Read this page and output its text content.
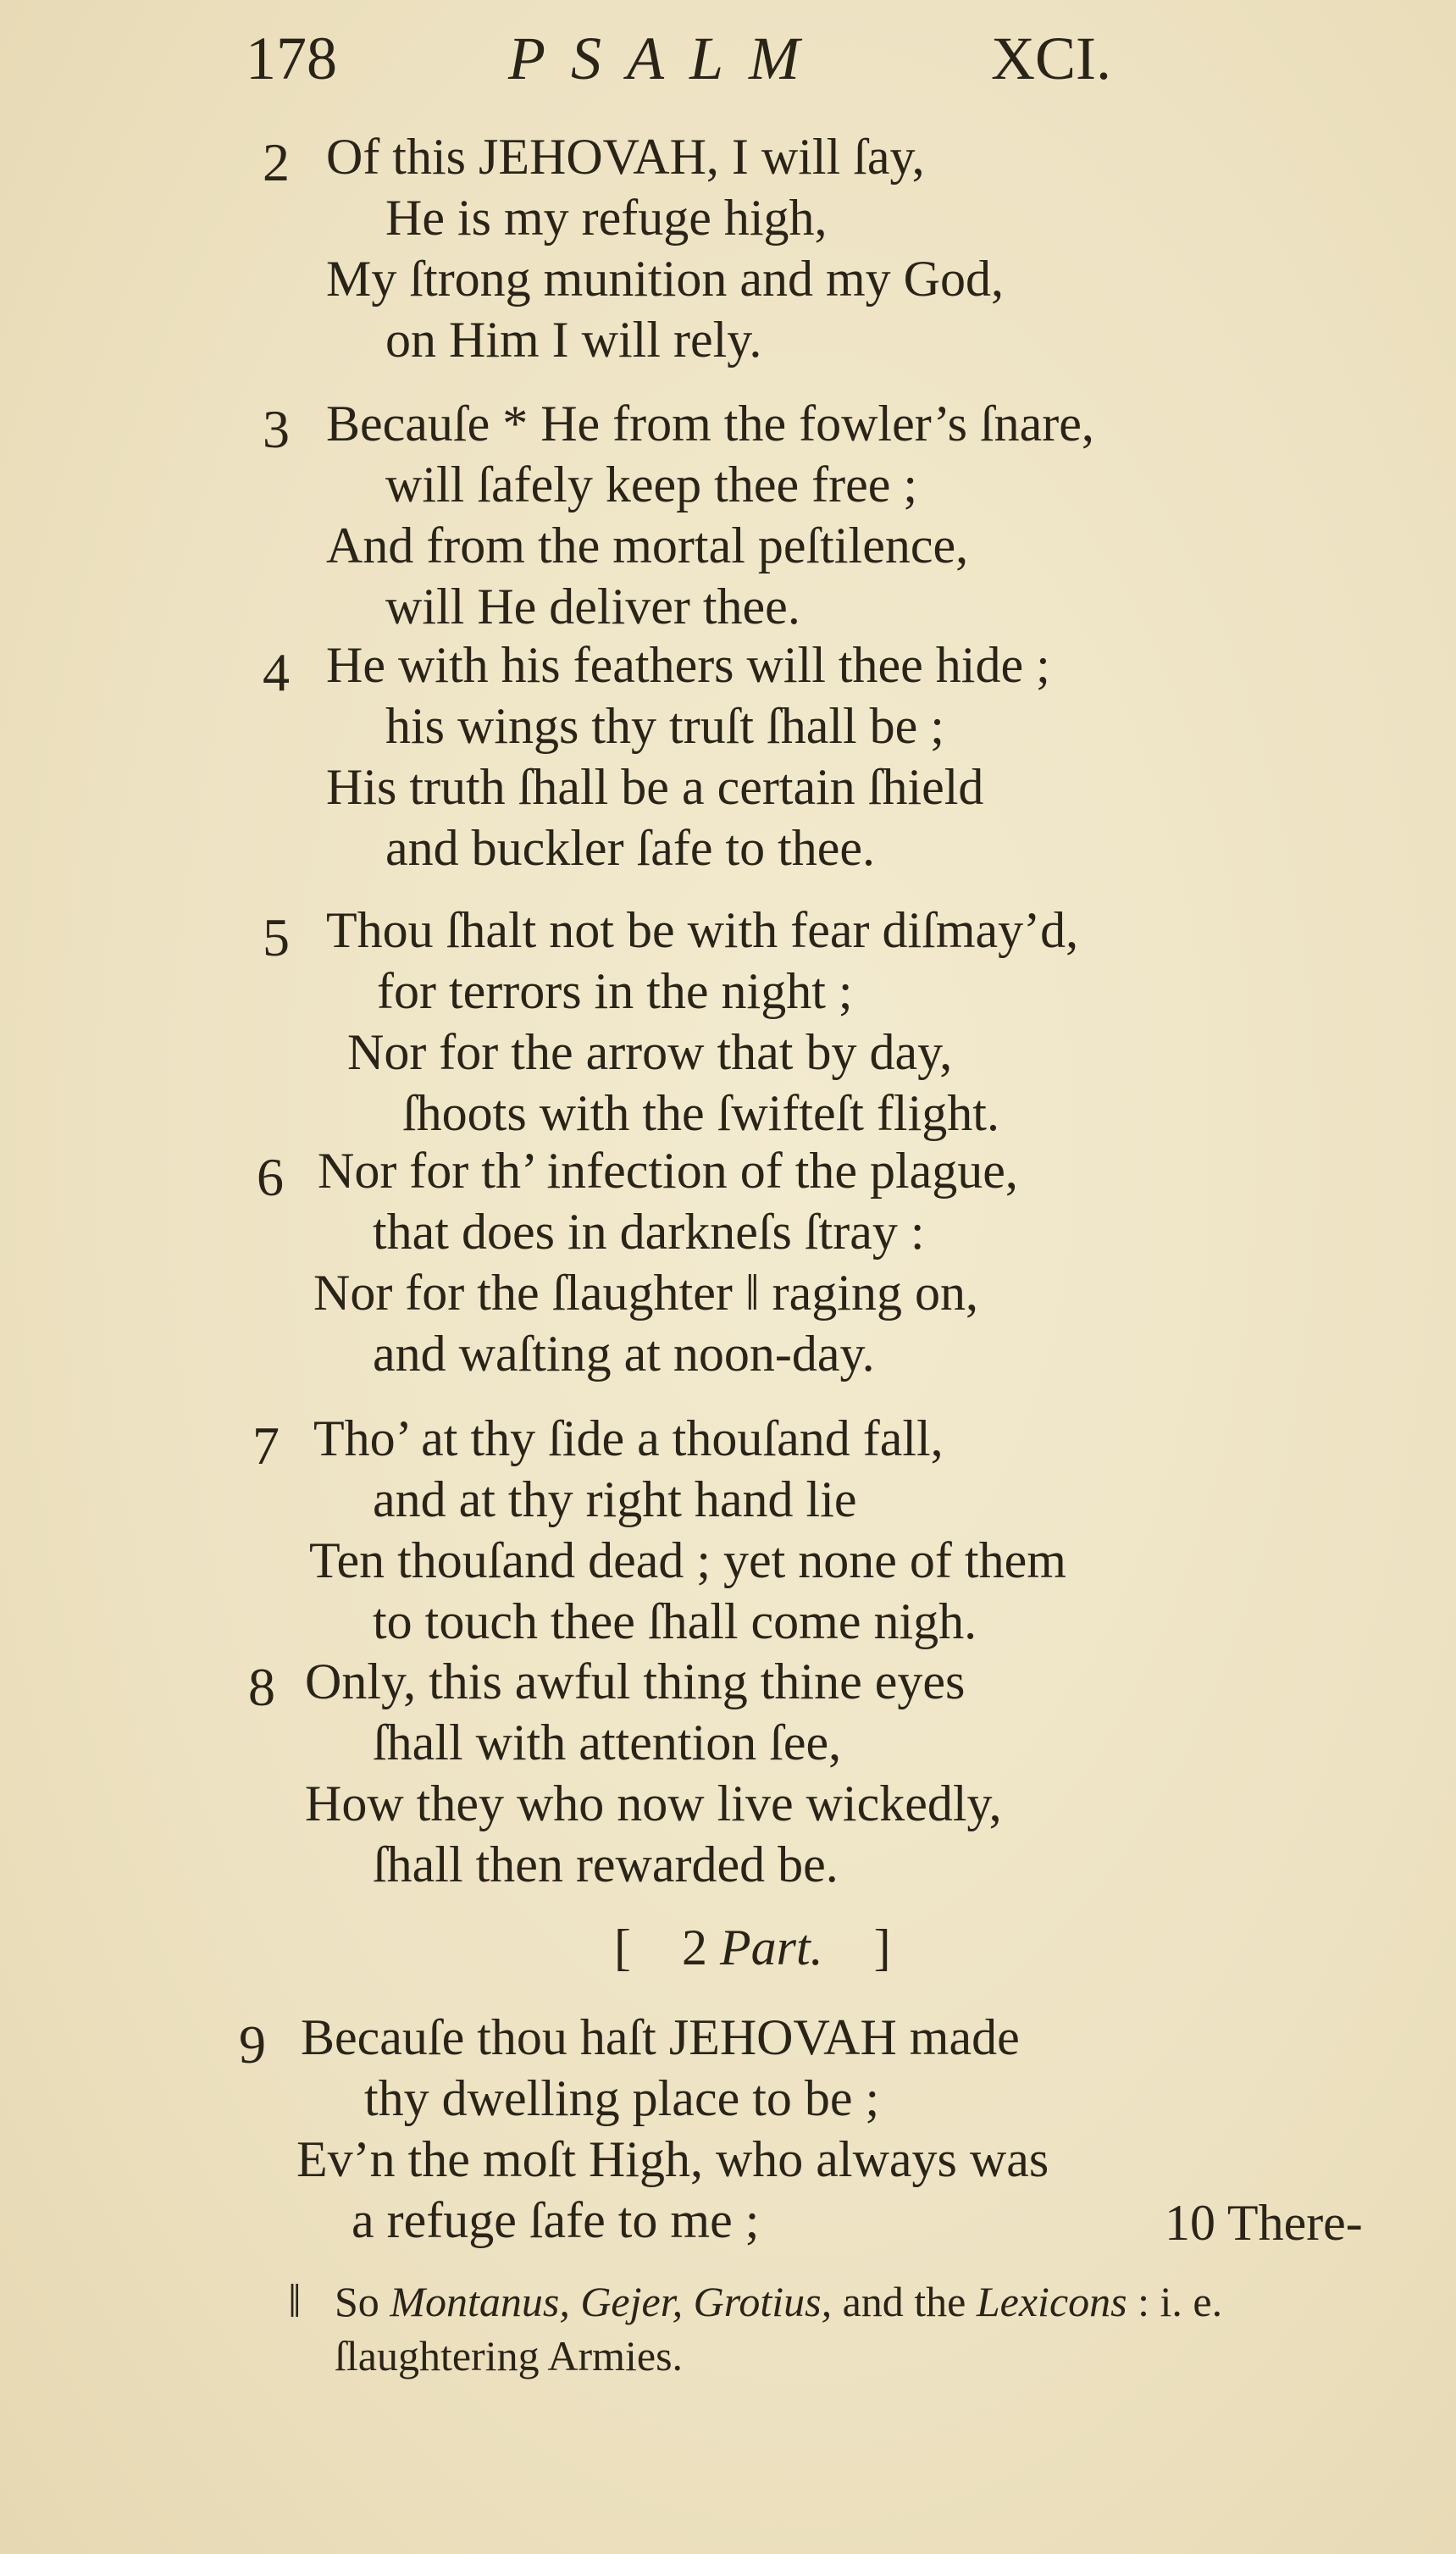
178	PSALM	XCI.
2 Of this JEHOVAH, I will ſay,
He is my refuge high,
My ſtrong munition and my God,
on Him I will rely.
3 Becauſe * He from the fowler’s ſnare,
will ſafely keep thee free ;
And from the mortal peſtilence,
will He deliver thee.
4 He with his feathers will thee hide ;
his wings thy truſt ſhall be ;
His truth ſhall be a certain ſhield
and buckler ſafe to thee.
5 Thou ſhalt not be with fear diſmay’d,
for terrors in the night ;
Nor for the arrow that by day,
ſhoots with the ſwifteſt flight.
6 Nor for th’ infection of the plague,
that does in darkneſs ſtray :
Nor for the ſlaughter ‖ raging on,
and waſting at noon-day.
7 Tho’ at thy ſide a thouſand fall,
and at thy right hand lie
Ten thouſand dead ; yet none of them
to touch thee ſhall come nigh.
8 Only, this awful thing thine eyes
ſhall with attention ſee,
How they who now live wickedly,
ſhall then rewarded be.
[ 2 Part. ]
9 Becauſe thou haſt JEHOVAH made
thy dwelling place to be ;
Ev’n the moſt High, who always was
a refuge ſafe to me ;	10 There-
‖ So Montanus, Gejer, Grotius, and the Lexicons : i. e.
ſlaughtering Armies.
